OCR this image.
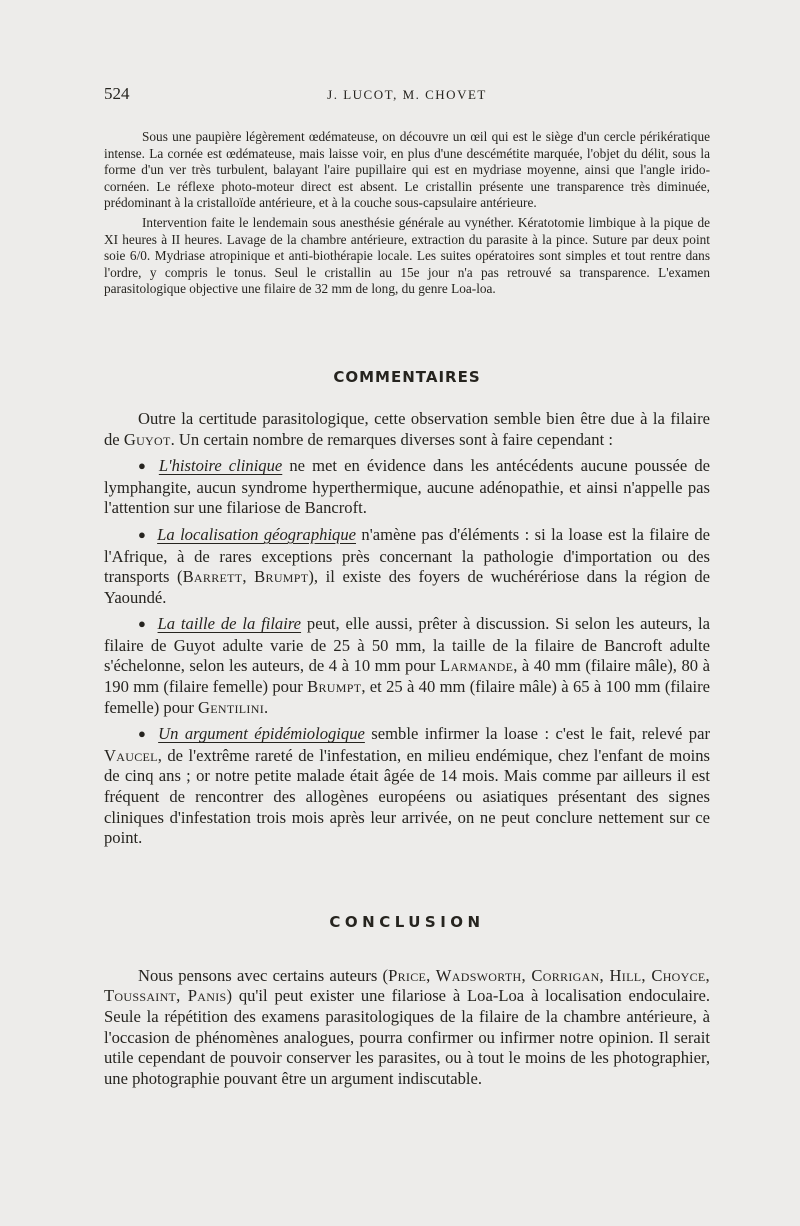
524	J. LUCOT, M. CHOVET

Sous une paupière légèrement œdémateuse, on découvre un œil qui est le siège d'un cercle périkératique intense. La cornée est œdémateuse, mais laisse voir, en plus d'une descémétite marquée, l'objet du délit, sous la forme d'un ver très turbulent, balayant l'aire pupillaire qui est en mydriase moyenne, ainsi que l'angle irido-cornéen. Le réflexe photo-moteur direct est absent. Le cristallin présente une transparence très diminuée, prédominant à la cristalloïde antérieure, et à la couche sous-capsulaire antérieure.

Intervention faite le lendemain sous anesthésie générale au vynéther. Kératotomie limbique à la pique de XI heures à II heures. Lavage de la chambre antérieure, extraction du parasite à la pince. Suture par deux point soie 6/0. Mydriase atropinique et anti-biothérapie locale. Les suites opératoires sont simples et tout rentre dans l'ordre, y compris le tonus. Seul le cristallin au 15e jour n'a pas retrouvé sa transparence. L'examen parasitologique objective une filaire de 32 mm de long, du genre Loa-loa.

COMMENTAIRES

Outre la certitude parasitologique, cette observation semble bien être due à la filaire de Guyot. Un certain nombre de remarques diverses sont à faire cependant :

● L'histoire clinique ne met en évidence dans les antécédents aucune poussée de lymphangite, aucun syndrome hyperthermique, aucune adénopathie, et ainsi n'appelle pas l'attention sur une filariose de Bancroft.

● La localisation géographique n'amène pas d'éléments : si la loase est la filaire de l'Afrique, à de rares exceptions près concernant la pathologie d'importation ou des transports (Barrett, Brumpt), il existe des foyers de wuchérériose dans la région de Yaoundé.

● La taille de la filaire peut, elle aussi, prêter à discussion. Si selon les auteurs, la filaire de Guyot adulte varie de 25 à 50 mm, la taille de la filaire de Bancroft adulte s'échelonne, selon les auteurs, de 4 à 10 mm pour Larmande, à 40 mm (filaire mâle), 80 à 190 mm (filaire femelle) pour Brumpt, et 25 à 40 mm (filaire mâle) à 65 à 100 mm (filaire femelle) pour Gentilini.

● Un argument épidémiologique semble infirmer la loase : c'est le fait, relevé par Vaucel, de l'extrême rareté de l'infestation, en milieu endémique, chez l'enfant de moins de cinq ans ; or notre petite malade était âgée de 14 mois. Mais comme par ailleurs il est fréquent de rencontrer des allogènes européens ou asiatiques présentant des signes cliniques d'infestation trois mois après leur arrivée, on ne peut conclure nettement sur ce point.

CONCLUSION

Nous pensons avec certains auteurs (Price, Wadsworth, Corrigan, Hill, Choyce, Toussaint, Panis) qu'il peut exister une filariose à Loa-Loa à localisation endoculaire. Seule la répétition des examens parasitologiques de la filaire de la chambre antérieure, à l'occasion de phénomènes analogues, pourra confirmer ou infirmer notre opinion. Il serait utile cependant de pouvoir conserver les parasites, ou à tout le moins de les photographier, une photographie pouvant être un argument indiscutable.
